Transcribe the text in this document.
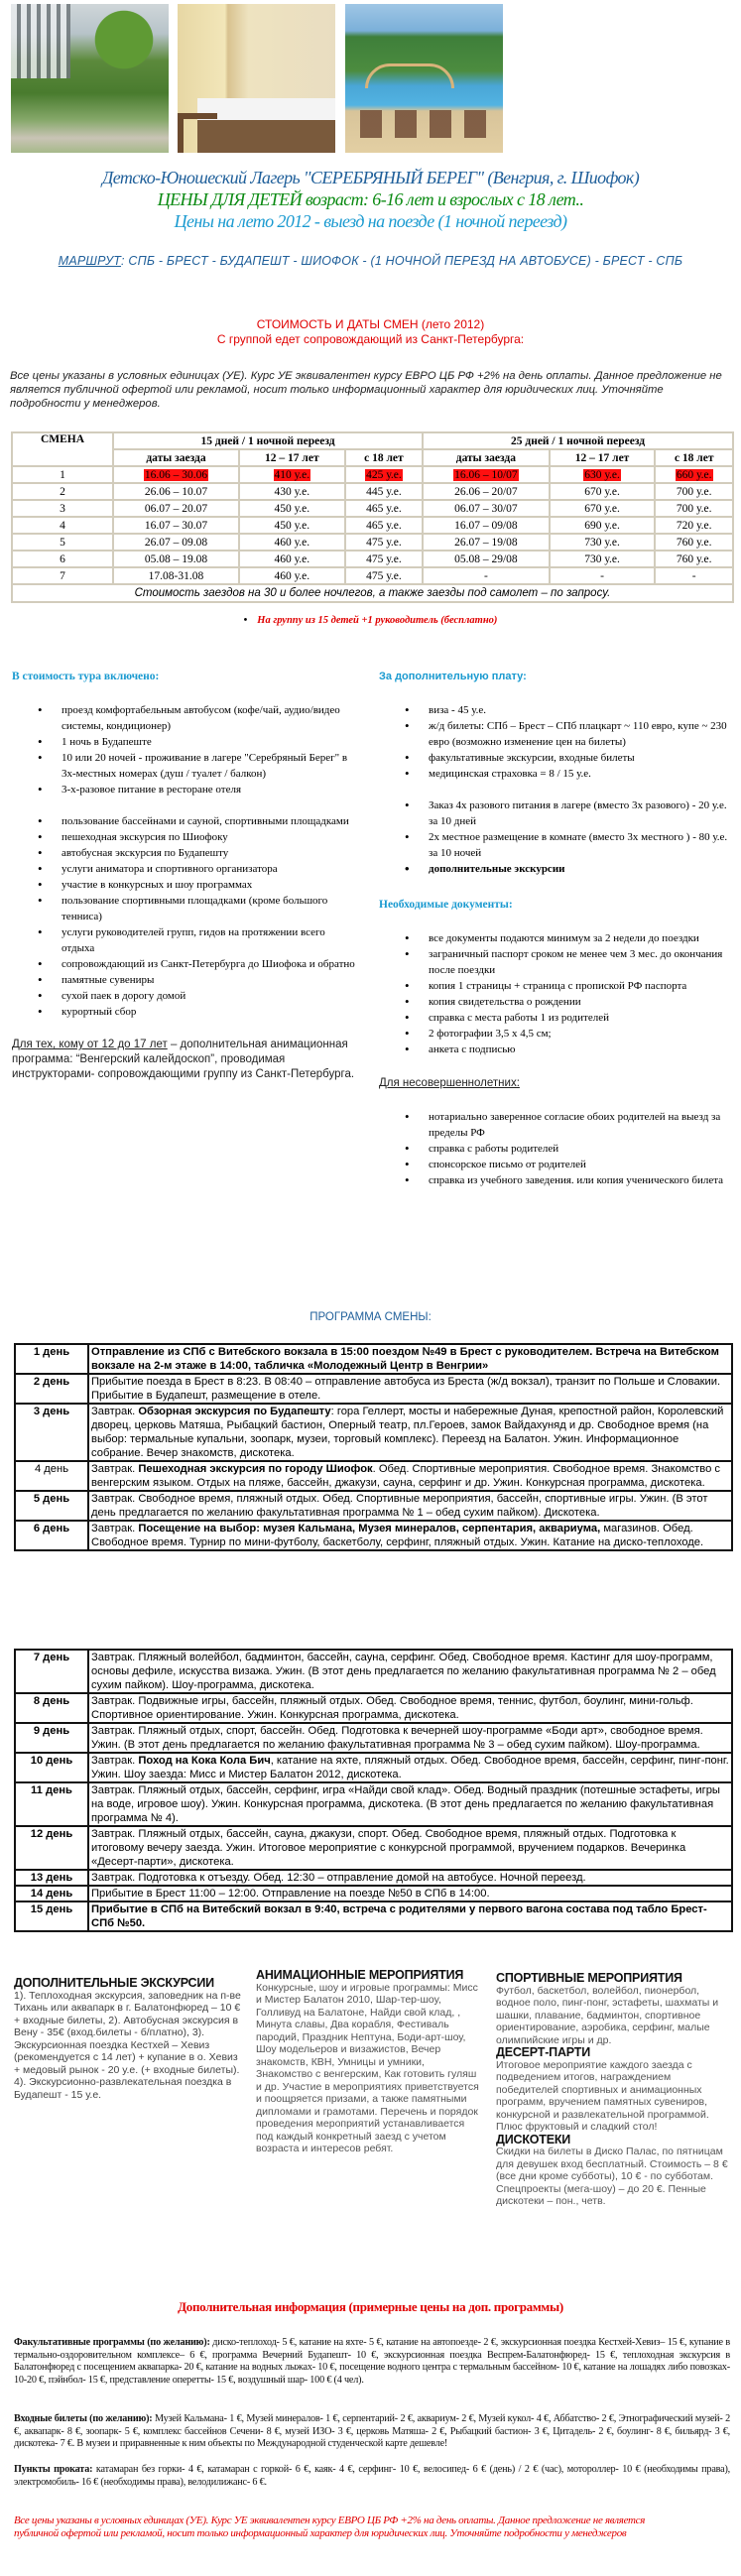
Детско-Юношеский Лагерь "СЕРЕБРЯНЫЙ БЕРЕГ" (Венгрия, г. Шиофок)
ЦЕНЫ ДЛЯ ДЕТЕЙ возраст: 6-16 лет и взрослых с 18 лет..
Цены на лето 2012 - выезд на поезде (1 ночной переезд)
МАРШРУТ: СПБ - БРЕСТ - БУДАПЕШТ - ШИОФОК - (1 НОЧНОЙ ПЕРЕЗД НА АВТОБУСЕ) - БРЕСТ - СПБ
СТОИМОСТЬ И ДАТЫ СМЕН (лето 2012)
С группой едет сопровождающий из Санкт-Петербурга:
Все цены указаны в условных единицах (УЕ). Курс УЕ эквивалентен курсу ЕВРО ЦБ РФ +2% на день оплаты. Данное предложение не является публичной офертой или рекламой, носит только информационный характер для юридических лиц. Уточняйте подробности у менеджеров.
СМЕНА	15 дней / 1 ночной переезд			25 дней / 1 ночной переезд		
	даты заезда	12 – 17 лет	с 18 лет	даты заезда	12 – 17 лет	с 18 лет
1	16.06 – 30.06	410 у.е.	425 у.е.	16.06 – 10/07	630 у.е.	660 у.е.
2	26.06 – 10.07	430 у.е.	445 у.е.	26.06 – 20/07	670 у.е.	700 у.е.
3	06.07 – 20.07	450 у.е.	465 у.е.	06.07 – 30/07	670 у.е.	700 у.е.
4	16.07 – 30.07	450 у.е.	465 у.е.	16.07 – 09/08	690 у.е.	720 у.е.
5	26.07 – 09.08	460 у.е.	475 у.е.	26.07 – 19/08	730 у.е.	760 у.е.
6	05.08 – 19.08	460 у.е.	475 у.е.	05.08 – 29/08	730 у.е.	760 у.е.
7	17.08-31.08	460 у.е.	475 у.е.	-	-	-
Стоимость заездов на 30 и более ночлегов, а также заезды под самолет – по запросу.						
• На группу из 15 детей +1 руководитель (бесплатно)
В стоимость тура включено:
• проезд комфортабельным автобусом (кофе/чай, аудио/видео системы, кондиционер)
• 1 ночь в Будапеште
• 10 или 20 ночей - проживание в лагере "Серебряный Берег" в 3х-местных номерах (душ / туалет / балкон)
• 3-х-разовое питание в ресторане отеля
• пользование бассейнами и сауной, спортивными площадками
• пешеходная экскурсия по Шиофоку
• автобусная экскурсия по Будапешту
• услуги аниматора и спортивного организатора
• участие в конкурсных и шоу программах
• пользование спортивными площадками (кроме большого тенниса)
• услуги руководителей групп, гидов на протяжении всего отдыха
• сопровождающий из Санкт-Петербурга до Шиофока и обратно
• памятные сувениры
• сухой паек в дорогу домой
• курортный сбор
Для тех, кому от 12 до 17 лет – дополнительная анимационная программа: “Венгерский калейдоскоп”, проводимая инструкторами- сопровождающими группу из Санкт-Петербурга.
За дополнительную плату:
• виза - 45 у.е.
• ж/д билеты: СПб – Брест – СПб плацкарт ~ 110 евро, купе ~ 230 евро (возможно изменение цен на билеты)
• факультативные экскурсии, входные билеты
• медицинская страховка = 8 / 15 у.е.
• Заказ 4х разового питания в лагере (вместо 3х разового) - 20 у.е. за 10 дней
• 2х местное размещение в комнате (вместо 3х местного ) - 80 у.е. за 10 ночей
• дополнительные экскурсии
Необходимые документы:
• все документы подаются минимум за 2 недели до поездки
• заграничный паспорт сроком не менее чем 3 мес. до окончания после поездки
• копия 1 страницы + страница с пропиской РФ паспорта
• копия свидетельства о рождении
• справка с места работы 1 из родителей
• 2 фотографии 3,5 х 4,5 см;
• анкета с подписью
Для несовершеннолетних:
• нотариально заверенное согласие обоих родителей на выезд за пределы РФ
• справка с работы родителей
• спонсорское письмо от родителей
• справка из учебного заведения. или копия ученического билета
ПРОГРАММА СМЕНЫ:
1 день	Отправление из СПб с Витебского вокзала в 15:00 поездом №49 в Брест с руководителем. Встреча на Витебском вокзале на 2-м этаже в 14:00, табличка «Молодежный Центр в Венгрии»
2 день	Прибытие поезда в Брест в 8:23. В 08:40 – отправление автобуса из Бреста (ж/д вокзал), транзит по Польше и Словакии. Прибытие в Будапешт, размещение в отеле.
3 день	Завтрак. Обзорная экскурсия по Будапешту: гора Геллерт, мосты и набережные Дуная, крепостной район, Королевский дворец, церковь Матяша, Рыбацкий бастион, Оперный театр, пл.Героев, замок Вайдахуняд и др. Свободное время (на выбор: термальные купальни, зоопарк, музеи, торговый комплекс). Переезд на Балатон. Ужин. Информационное собрание. Вечер знакомств, дискотека.
4 день	Завтрак. Пешеходная экскурсия по городу Шиофок. Обед. Спортивные мероприятия. Свободное время. Знакомство с венгерским языком. Отдых на пляже, бассейн, джакузи, сауна, серфинг и др. Ужин. Конкурсная программа, дискотека.
5 день	Завтрак. Свободное время, пляжный отдых. Обед. Спортивные мероприятия, бассейн, спортивные игры. Ужин. (В этот день предлагается по желанию факультативная программа № 1 – обед сухим пайком). Дискотека.
6 день	Завтрак. Посещение на выбор: музея Кальмана, Музея минералов, серпентария, аквариума, магазинов. Обед. Свободное время. Турнир по мини-футболу, баскетболу, серфинг, пляжный отдых. Ужин. Катание на диско-теплоходе.
7 день	Завтрак. Пляжный волейбол, бадминтон, бассейн, сауна, серфинг. Обед. Свободное время. Кастинг для шоу-программ, основы дефиле, искусства визажа. Ужин. (В этот день предлагается по желанию факультативная программа № 2 – обед сухим пайком). Шоу-программа, дискотека.
8 день	Завтрак. Подвижные игры, бассейн, пляжный отдых. Обед. Свободное время, теннис, футбол, боулинг, мини-гольф. Спортивное ориентирование. Ужин. Конкурсная программа, дискотека.
9 день	Завтрак. Пляжный отдых, спорт, бассейн. Обед. Подготовка к вечерней шоу-программе «Боди арт», свободное время. Ужин. (В этот день предлагается по желанию факультативная программа № 3 – обед сухим пайком). Шоу-программа.
10 день	Завтрак. Поход на Кока Кола Бич, катание на яхте, пляжный отдых. Обед. Свободное время, бассейн, серфинг, пинг-понг. Ужин. Шоу заезда: Мисс и Мистер Балатон 2012, дискотека.
11 день	Завтрак. Пляжный отдых, бассейн, серфинг, игра «Найди свой клад». Обед. Водный праздник (потешные эстафеты, игры на воде, игровое шоу). Ужин. Конкурсная программа, дискотека. (В этот день предлагается по желанию факультативная программа № 4).
12 день	Завтрак. Пляжный отдых, бассейн, сауна, джакузи, спорт. Обед. Свободное время, пляжный отдых. Подготовка к итоговому вечеру заезда. Ужин. Итоговое мероприятие с конкурсной программой, вручением подарков. Вечеринка «Десерт-парти», дискотека.
13 день	Завтрак. Подготовка к отъезду. Обед. 12:30 – отправление домой на автобусе. Ночной переезд.
14 день	Прибытие в Брест 11:00 – 12:00. Отправление на поезде №50 в СПб в 14:00.
15 день	Прибытие в СПб на Витебский вокзал в 9:40, встреча с родителями у первого вагона состава под табло Брест-СПб №50.
ДОПОЛНИТЕЛЬНЫЕ ЭКСКУРСИИ

1). Теплоходная экскурсия, заповедник на п-ве Тихань или аквапарк в г. Балатонфюред – 10 € + входные билеты, 2). Автобусная экскурсия в Вену - 35€ (вход.билеты - б/платно), 3). Экскурсионная поездка Кестхей – Хевиз (рекомендуется с 14 лет) + купание в о. Хевиз + медовый рынок - 20 у.е. (+ входные билеты). 4). Экскурсионно-развлекательная поездка в Будапешт - 15 у.е.

АНИМАЦИОННЫЕ МЕРОПРИЯТИЯ

Конкурсные, шоу и игровые программы: Мисс и Мистер Балатон 2010, Шар-тер-шоу, Голливуд на Балатоне, Найди свой клад, , Минута славы, Два корабля, Фестиваль пародий, Праздник Нептуна, Боди-арт-шоу, Шоу модельеров и визажистов, Вечер знакомств, КВН, Умницы и умники, Знакомство с венгерским, Как готовить гуляш и др. Участие в мероприятиях приветствуется и поощряется призами, а также памятными дипломами и грамотами. Перечень и порядок проведения мероприятий устанавливается под каждый конкретный заезд с учетом возраста и интересов ребят.

СПОРТИВНЫЕ МЕРОПРИЯТИЯ

Футбол, баскетбол, волейбол, пионербол, водное поло, пинг-понг, эстафеты, шахматы и шашки, плавание, бадминтон, спортивное ориентирование, аэробика, серфинг, малые олимпийские игры и др.

ДЕСЕРТ-ПАРТИ

Итоговое мероприятие каждого заезда с подведением итогов, награждением победителей спортивных и анимационных программ, вручением памятных сувениров, конкурсной и развлекательной программой. Плюс фруктовый и сладкий стол!

ДИСКОТЕКИ

Скидки на билеты в Диско Палас, по пятницам для девушек вход бесплатный. Стоимость – 8 € (все дни кроме субботы), 10 € - по субботам. Спецпроекты (мега-шоу) – до 20 €. Пенные дискотеки – пон., четв.

Дополнительная информация (примерные цены на доп. программы)
Факультативные программы (по желанию): диско-теплоход- 5 €, катание на яхте- 5 €, катание на автопоезде- 2 €, экскурсионная поездка Кестхей-Хевиз– 15 €, купание в термально-оздоровительном комплексе– 6 €, программа Вечерний Будапешт- 10 €, экскурсионная поездка Веспрем-Балатонфюред- 15 €, теплоходная экскурсия в Балатонфюред с посещением аквапарка- 20 €, катание на водных лыжах- 10 €, посещение водного центра с термальным бассейном- 10 €, катание на лошадях либо повозках- 10-20 €, пэйнбол- 15 €, представление оперетты- 15 €, воздушный шар- 100 € (4 чел).
Входные билеты (по желанию): Музей Кальмана- 1 €, Музей минералов- 1 €, серпентарий- 2 €, аквариум- 2 €, Музей кукол- 4 €, Аббатство- 2 €, Этнографический музей- 2 €, аквапарк- 8 €, зоопарк- 5 €, комплекс бассейнов Сечени- 8 €, музей ИЗО- 3 €, церковь Матяша- 2 €, Рыбацкий бастион- 3 €, Цитадель- 2 €, боулинг- 8 €, бильярд- 3 €, дискотека- 7 €. В музеи и приравненные к ним объекты по Международной студенческой карте дешевле!
Пункты проката: катамаран без горки- 4 €, катамаран с горкой- 6 €, каяк- 4 €, серфинг- 10 €, велосипед- 6 € (день) / 2 € (час), мотороллер- 10 € (необходимы права), электромобиль- 16 € (необходимы права), велодилижанс- 6 €.
Все цены указаны в условных единицах (УЕ). Курс УЕ эквивалентен курсу ЕВРО ЦБ РФ +2% на день оплаты. Данное предложение не является публичной офертой или рекламой, носит только информационный характер для юридических лиц. Уточняйте подробности у менеджеров
